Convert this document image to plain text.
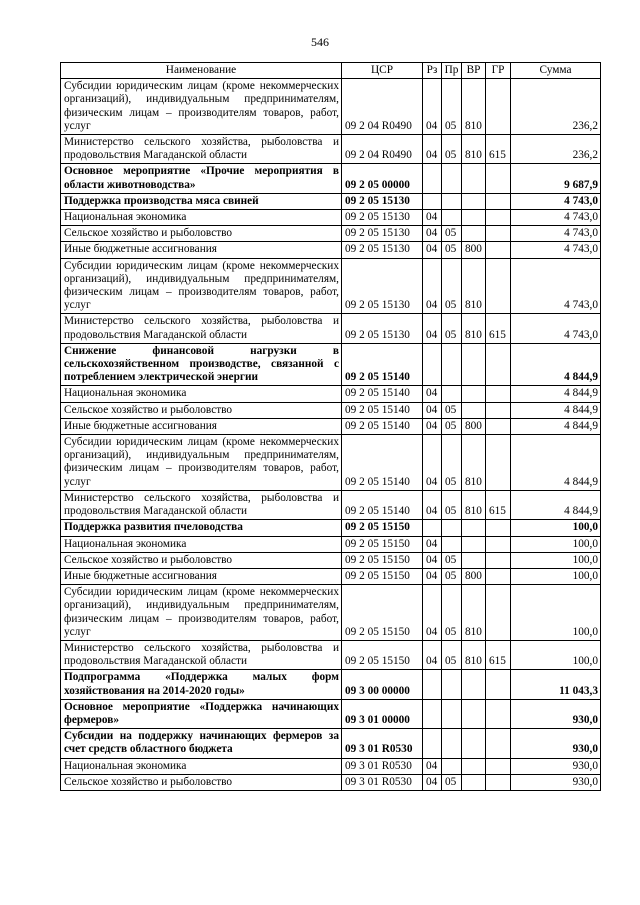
546
Наименование	ЦСР	Рз	Пр	ВР	ГР	Сумма
Субсидии юридическим лицам (кроме некоммерческих организаций), индивидуальным предпринимателям, физическим лицам – производителям товаров, работ, услуг	09 2 04 R0490	04	05	810		236,2
Министерство сельского хозяйства, рыболовства и продовольствия Магаданской области	09 2 04 R0490	04	05	810	615	236,2
Основное мероприятие «Прочие мероприятия в области животноводства»	09 2 05 00000					9 687,9
Поддержка производства мяса свиней	09 2 05 15130					4 743,0
Национальная экономика	09 2 05 15130	04				4 743,0
Сельское хозяйство и рыболовство	09 2 05 15130	04	05			4 743,0
Иные бюджетные ассигнования	09 2 05 15130	04	05	800		4 743,0
Субсидии юридическим лицам (кроме некоммерческих организаций), индивидуальным предпринимателям, физическим лицам – производителям товаров, работ, услуг	09 2 05 15130	04	05	810		4 743,0
Министерство сельского хозяйства, рыболовства и продовольствия Магаданской области	09 2 05 15130	04	05	810	615	4 743,0
Снижение финансовой нагрузки в сельскохозяйственном производстве, связанной с потреблением электрической энергии	09 2 05 15140					4 844,9
Национальная экономика	09 2 05 15140	04				4 844,9
Сельское хозяйство и рыболовство	09 2 05 15140	04	05			4 844,9
Иные бюджетные ассигнования	09 2 05 15140	04	05	800		4 844,9
Субсидии юридическим лицам (кроме некоммерческих организаций), индивидуальным предпринимателям, физическим лицам – производителям товаров, работ, услуг	09 2 05 15140	04	05	810		4 844,9
Министерство сельского хозяйства, рыболовства и продовольствия Магаданской области	09 2 05 15140	04	05	810	615	4 844,9
Поддержка развития пчеловодства	09 2 05 15150					100,0
Национальная экономика	09 2 05 15150	04				100,0
Сельское хозяйство и рыболовство	09 2 05 15150	04	05			100,0
Иные бюджетные ассигнования	09 2 05 15150	04	05	800		100,0
Субсидии юридическим лицам (кроме некоммерческих организаций), индивидуальным предпринимателям, физическим лицам – производителям товаров, работ, услуг	09 2 05 15150	04	05	810		100,0
Министерство сельского хозяйства, рыболовства и продовольствия Магаданской области	09 2 05 15150	04	05	810	615	100,0
Подпрограмма «Поддержка малых форм хозяйствования на 2014-2020 годы»	09 3 00 00000					11 043,3
Основное мероприятие «Поддержка начинающих фермеров»	09 3 01 00000					930,0
Субсидии на поддержку начинающих фермеров за счет средств областного бюджета	09 3 01 R0530					930,0
Национальная экономика	09 3 01 R0530	04				930,0
Сельское хозяйство и рыболовство	09 3 01 R0530	04	05			930,0
